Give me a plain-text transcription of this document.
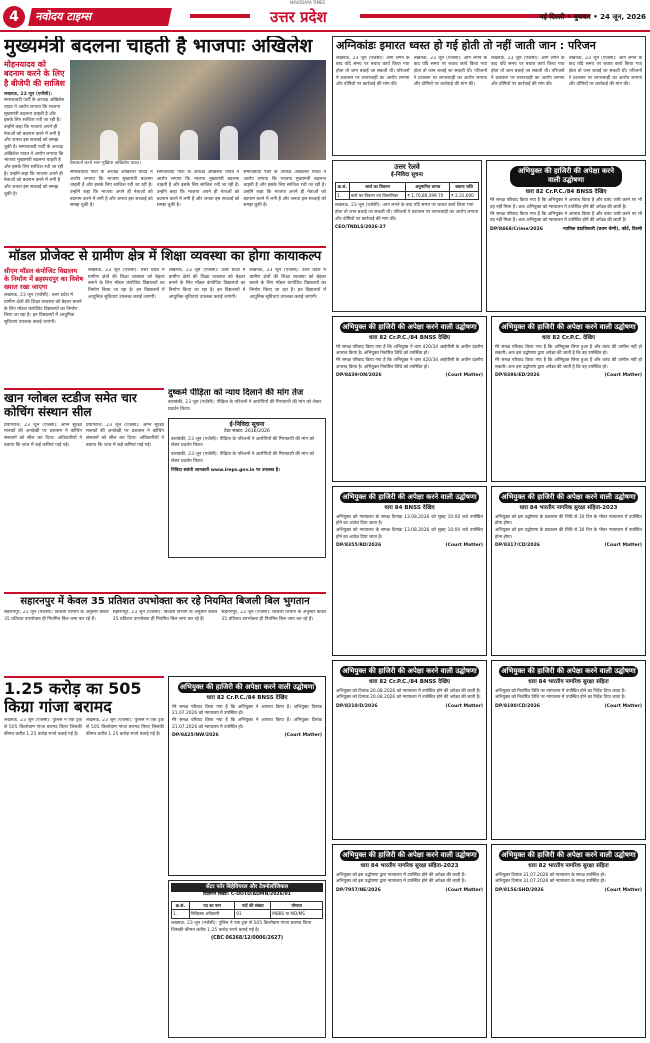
4	नवोदय टाइम्स
NAVODAYA TIMES
उत्तर प्रदेश	नई दिल्ली • बुधवार • 24 जून, 2026
मुख्यमंत्री बदलना चाहती है भाजपाः अखिलेश
मोहनयादव को बदनाम करने के लिए है बीजेपी की साजिश
लखनऊ, 23 जून (एजेंसी): समाजवादी पार्टी के अध्यक्ष अखिलेश यादव ने आरोप लगाया कि भाजपा मुख्यमंत्री बदलना चाहती है और इसके लिए साजिश रची जा रही है। उन्होंने कहा कि भाजपा अपने ही नेताओं को बदनाम करने में लगी है और जनता इस सच्चाई को समझ चुकी है। समाजवादी पार्टी के अध्यक्ष अखिलेश यादव ने आरोप लगाया कि भाजपा मुख्यमंत्री बदलना चाहती है और इसके लिए साजिश रची जा रही है। उन्होंने कहा कि भाजपा अपने ही नेताओं को बदनाम करने में लगी है और जनता इस सच्चाई को समझ चुकी है।
प्रेसवार्ता करते सपा मुखिया अखिलेश यादव।
समाजवादी पार्टी के अध्यक्ष अखिलेश यादव ने आरोप लगाया कि भाजपा मुख्यमंत्री बदलना चाहती है और इसके लिए साजिश रची जा रही है। उन्होंने कहा कि भाजपा अपने ही नेताओं को बदनाम करने में लगी है और जनता इस सच्चाई को समझ चुकी है।
समाजवादी पार्टी के अध्यक्ष अखिलेश यादव ने आरोप लगाया कि भाजपा मुख्यमंत्री बदलना चाहती है और इसके लिए साजिश रची जा रही है। उन्होंने कहा कि भाजपा अपने ही नेताओं को बदनाम करने में लगी है और जनता इस सच्चाई को समझ चुकी है।
समाजवादी पार्टी के अध्यक्ष अखिलेश यादव ने आरोप लगाया कि भाजपा मुख्यमंत्री बदलना चाहती है और इसके लिए साजिश रची जा रही है। उन्होंने कहा कि भाजपा अपने ही नेताओं को बदनाम करने में लगी है और जनता इस सच्चाई को समझ चुकी है।
अग्निकांडः इमारत ध्वस्त हो गई होती तो नहीं जाती जान : परिजन
लखनऊ, 23 जून (एजेंसी): आग लगने के बाद यदि समय पर बचाव कार्य किया गया होता तो जान बचाई जा सकती थी। परिजनों ने प्रशासन पर लापरवाही का आरोप लगाया और दोषियों पर कार्रवाई की मांग की।
लखनऊ, 23 जून (एजेंसी): आग लगने के बाद यदि समय पर बचाव कार्य किया गया होता तो जान बचाई जा सकती थी। परिजनों ने प्रशासन पर लापरवाही का आरोप लगाया और दोषियों पर कार्रवाई की मांग की।
लखनऊ, 23 जून (एजेंसी): आग लगने के बाद यदि समय पर बचाव कार्य किया गया होता तो जान बचाई जा सकती थी। परिजनों ने प्रशासन पर लापरवाही का आरोप लगाया और दोषियों पर कार्रवाई की मांग की।
लखनऊ, 23 जून (एजेंसी): आग लगने के बाद यदि समय पर बचाव कार्य किया गया होता तो जान बचाई जा सकती थी। परिजनों ने प्रशासन पर लापरवाही का आरोप लगाया और दोषियों पर कार्रवाई की मांग की।
उत्तर रेलवे
ई-निविदा सूचना
क्र.सं.	कार्य का विवरण	अनुमानित लागत	बयाना राशि
1.	कार्य का विवरण एवं विवरणिका	₹ 1,70,80,399.70	₹ 2,31,600
लखनऊ, 23 जून (एजेंसी): आग लगने के बाद यदि समय पर बचाव कार्य किया गया होता तो जान बचाई जा सकती थी। परिजनों ने प्रशासन पर लापरवाही का आरोप लगाया और दोषियों पर कार्रवाई की मांग की।
CEO/TNDLS/2026-27
अभियुक्त की हाजिरी की अपेक्षा करने वाली उद्घोषणा
धारा 82 Cr.P.C./84 BNSS देखिए
मेरे समक्ष परिवाद किया गया है कि अभियुक्त ने अपराध किया है और वारंट जारी करने पर भी वह नहीं मिला है। अतः अभियुक्त को न्यायालय में उपस्थित होने की अपेक्षा की जाती है।
मेरे समक्ष परिवाद किया गया है कि अभियुक्त ने अपराध किया है और वारंट जारी करने पर भी वह नहीं मिला है। अतः अभियुक्त को न्यायालय में उपस्थित होने की अपेक्षा की जाती है।
DP/8468/Crime/2026	न्यायिक दंडाधिकारी (प्रथम श्रेणी), कोर्ट, दिल्ली
मॉडल प्रोजेक्ट से ग्रामीण क्षेत्र में शिक्षा व्यवस्था का होगा कायाकल्प
सीएम मॉडल कंपोजिट विद्यालय के निर्माण में ब्रहस्पदपुर का विशेष ख्याल रखा जाएगा
लखनऊ, 23 जून (एजेंसी): उत्तर प्रदेश में ग्रामीण क्षेत्रों की शिक्षा व्यवस्था को बेहतर बनाने के लिए मॉडल कंपोजिट विद्यालयों का निर्माण किया जा रहा है। इन विद्यालयों में आधुनिक सुविधाएं उपलब्ध कराई जाएंगी।
लखनऊ, 23 जून (एजेंसी): उत्तर प्रदेश में ग्रामीण क्षेत्रों की शिक्षा व्यवस्था को बेहतर बनाने के लिए मॉडल कंपोजिट विद्यालयों का निर्माण किया जा रहा है। इन विद्यालयों में आधुनिक सुविधाएं उपलब्ध कराई जाएंगी।
लखनऊ, 23 जून (एजेंसी): उत्तर प्रदेश में ग्रामीण क्षेत्रों की शिक्षा व्यवस्था को बेहतर बनाने के लिए मॉडल कंपोजिट विद्यालयों का निर्माण किया जा रहा है। इन विद्यालयों में आधुनिक सुविधाएं उपलब्ध कराई जाएंगी।
लखनऊ, 23 जून (एजेंसी): उत्तर प्रदेश में ग्रामीण क्षेत्रों की शिक्षा व्यवस्था को बेहतर बनाने के लिए मॉडल कंपोजिट विद्यालयों का निर्माण किया जा रहा है। इन विद्यालयों में आधुनिक सुविधाएं उपलब्ध कराई जाएंगी।
खान ग्लोबल स्टडीज समेत चार कोचिंग संस्थान सील
प्रयागराज, 23 जून (एजेंसी): अग्नि सुरक्षा मानकों की अनदेखी पर प्रशासन ने कोचिंग संस्थानों को सील कर दिया। अधिकारियों ने बताया कि जांच में कई कमियां पाई गईं।
प्रयागराज, 23 जून (एजेंसी): अग्नि सुरक्षा मानकों की अनदेखी पर प्रशासन ने कोचिंग संस्थानों को सील कर दिया। अधिकारियों ने बताया कि जांच में कई कमियां पाई गईं।
दुष्कर्म पीड़िता को न्याय दिलाने की मांग तेज
बाराबंकी, 23 जून (एजेंसी): पीड़िता के परिजनों ने आरोपियों की गिरफ्तारी की मांग को लेकर प्रदर्शन किया।
ई-निविदा सूचना
टेंडर संख्या: 2616/2026
बाराबंकी, 23 जून (एजेंसी): पीड़िता के परिजनों ने आरोपियों की गिरफ्तारी की मांग को लेकर प्रदर्शन किया।
बाराबंकी, 23 जून (एजेंसी): पीड़िता के परिजनों ने आरोपियों की गिरफ्तारी की मांग को लेकर प्रदर्शन किया।
निविदा संबंधी जानकारी www.ireps.gov.in पर उपलब्ध है।
सहारनपुर में केवल 35 प्रतिशत उपभोक्ता कर रहे नियमित बिजली बिल भुगतान
सहारनपुर, 23 जून (एजेंसी): बिजली विभाग के अनुसार केवल 35 प्रतिशत उपभोक्ता ही नियमित बिल जमा कर रहे हैं।
सहारनपुर, 23 जून (एजेंसी): बिजली विभाग के अनुसार केवल 35 प्रतिशत उपभोक्ता ही नियमित बिल जमा कर रहे हैं।
सहारनपुर, 23 जून (एजेंसी): बिजली विभाग के अनुसार केवल 35 प्रतिशत उपभोक्ता ही नियमित बिल जमा कर रहे हैं।
1.25 करोड़ का 505 किग्रा गांजा बरामद
लखनऊ, 23 जून (एजेंसी): पुलिस ने एक ट्रक से 505 किलोग्राम गांजा बरामद किया जिसकी कीमत करीब 1.25 करोड़ रुपये बताई गई है।
लखनऊ, 23 जून (एजेंसी): पुलिस ने एक ट्रक से 505 किलोग्राम गांजा बरामद किया जिसकी कीमत करीब 1.25 करोड़ रुपये बताई गई है।
अभियुक्त की हाजिरी की अपेक्षा करने वाली उद्घोषणा
धारा 82 Cr.P.C./84 BNSS देखिए
मेरे समक्ष परिवाद किया गया है कि अभियुक्त ने अपराध किया है। अभियुक्त दिनांक 21.07.2026 को न्यायालय में उपस्थित हो।
मेरे समक्ष परिवाद किया गया है कि अभियुक्त ने अपराध किया है। अभियुक्त दिनांक 21.07.2026 को न्यायालय में उपस्थित हो।
DP/8425/NW/2026	(Court Matter)
सेंटर फॉर बिहेवियरल और टेक्नोलॉजिकल
विज्ञापन संख्या: C-DOTD/ADMN/2026/01
क्र.सं.	पद का नाम	पदों की संख्या	योग्यता
1.	चिकित्सा अधिकारी	01	MBBS या MD/MS
लखनऊ, 23 जून (एजेंसी): पुलिस ने एक ट्रक से 505 किलोग्राम गांजा बरामद किया जिसकी कीमत करीब 1.25 करोड़ रुपये बताई गई है।
(CBC 06268/12/0006/2627)
अभियुक्त की हाजिरी की अपेक्षा करने वाली उद्घोषणा
धारा 82 Cr.P.C./84 BNSS देखिए
मेरे समक्ष परिवाद किया गया है कि अभियुक्त ने धारा 420/34 आईपीसी के अधीन दंडनीय अपराध किया है। अभियुक्त निर्धारित तिथि को उपस्थित हो।
मेरे समक्ष परिवाद किया गया है कि अभियुक्त ने धारा 420/34 आईपीसी के अधीन दंडनीय अपराध किया है। अभियुक्त निर्धारित तिथि को उपस्थित हो।
DP/8439/ON/2026	(Court Matter)
अभियुक्त की हाजिरी की अपेक्षा करने वाली उद्घोषणा
धारा 82 Cr.P.C. देखिए
मेरे समक्ष परिवाद किया गया है कि अभियुक्त छिपा हुआ है और वारंट की तामील नहीं हो सकती। अतः इस उद्घोषणा द्वारा अपेक्षा की जाती है कि वह उपस्थित हो।
मेरे समक्ष परिवाद किया गया है कि अभियुक्त छिपा हुआ है और वारंट की तामील नहीं हो सकती। अतः इस उद्घोषणा द्वारा अपेक्षा की जाती है कि वह उपस्थित हो।
DP/8386/ED/2026	(Court Matter)
अभियुक्त की हाजिरी की अपेक्षा करने वाली उद्घोषणा
धारा 84 BNSS देखिए
अभियुक्त को न्यायालय के समक्ष दिनांक 13.08.2026 को सुबह 10:00 बजे उपस्थित होने का आदेश दिया जाता है।
अभियुक्त को न्यायालय के समक्ष दिनांक 13.08.2026 को सुबह 10:00 बजे उपस्थित होने का आदेश दिया जाता है।
DP/8355/RD/2026	(Court Matter)
अभियुक्त की हाजिरी की अपेक्षा करने वाली उद्घोषणा
धारा 84 भारतीय नागरिक सुरक्षा संहिता-2023
अभियुक्त को इस उद्घोषणा के प्रकाशन की तिथि से 30 दिन के भीतर न्यायालय में उपस्थित होना होगा।
अभियुक्त को इस उद्घोषणा के प्रकाशन की तिथि से 30 दिन के भीतर न्यायालय में उपस्थित होना होगा।
DP/8317/CD/2026	(Court Matter)
अभियुक्त की हाजिरी की अपेक्षा करने वाली उद्घोषणा
धारा 82 Cr.P.C./84 BNSS देखिए
अभियुक्त को दिनांक 20.08.2026 को न्यायालय में उपस्थित होने की अपेक्षा की जाती है।
अभियुक्त को दिनांक 20.08.2026 को न्यायालय में उपस्थित होने की अपेक्षा की जाती है।
DP/8210/D/2026	(Court Matter)
अभियुक्त की हाजिरी की अपेक्षा करने वाली उद्घोषणा
धारा 84 भारतीय नागरिक सुरक्षा संहिता
अभियुक्त को निर्धारित तिथि पर न्यायालय में उपस्थित होने का निर्देश दिया जाता है।
अभियुक्त को निर्धारित तिथि पर न्यायालय में उपस्थित होने का निर्देश दिया जाता है।
DP/8190/CD/2026	(Court Matter)
अभियुक्त की हाजिरी की अपेक्षा करने वाली उद्घोषणा
धारा 84 भारतीय नागरिक सुरक्षा संहिता-2023
अभियुक्त को इस उद्घोषणा द्वारा न्यायालय में उपस्थित होने की अपेक्षा की जाती है।
अभियुक्त को इस उद्घोषणा द्वारा न्यायालय में उपस्थित होने की अपेक्षा की जाती है।
DP/7957/NE/2026	(Court Matter)
अभियुक्त की हाजिरी की अपेक्षा करने वाली उद्घोषणा
धारा 82 भारतीय नागरिक सुरक्षा संहिता
अभियुक्त दिनांक 31.07.2026 को न्यायालय के समक्ष उपस्थित हो।
अभियुक्त दिनांक 31.07.2026 को न्यायालय के समक्ष उपस्थित हो।
DP/8156/SHD/2026	(Court Matter)
